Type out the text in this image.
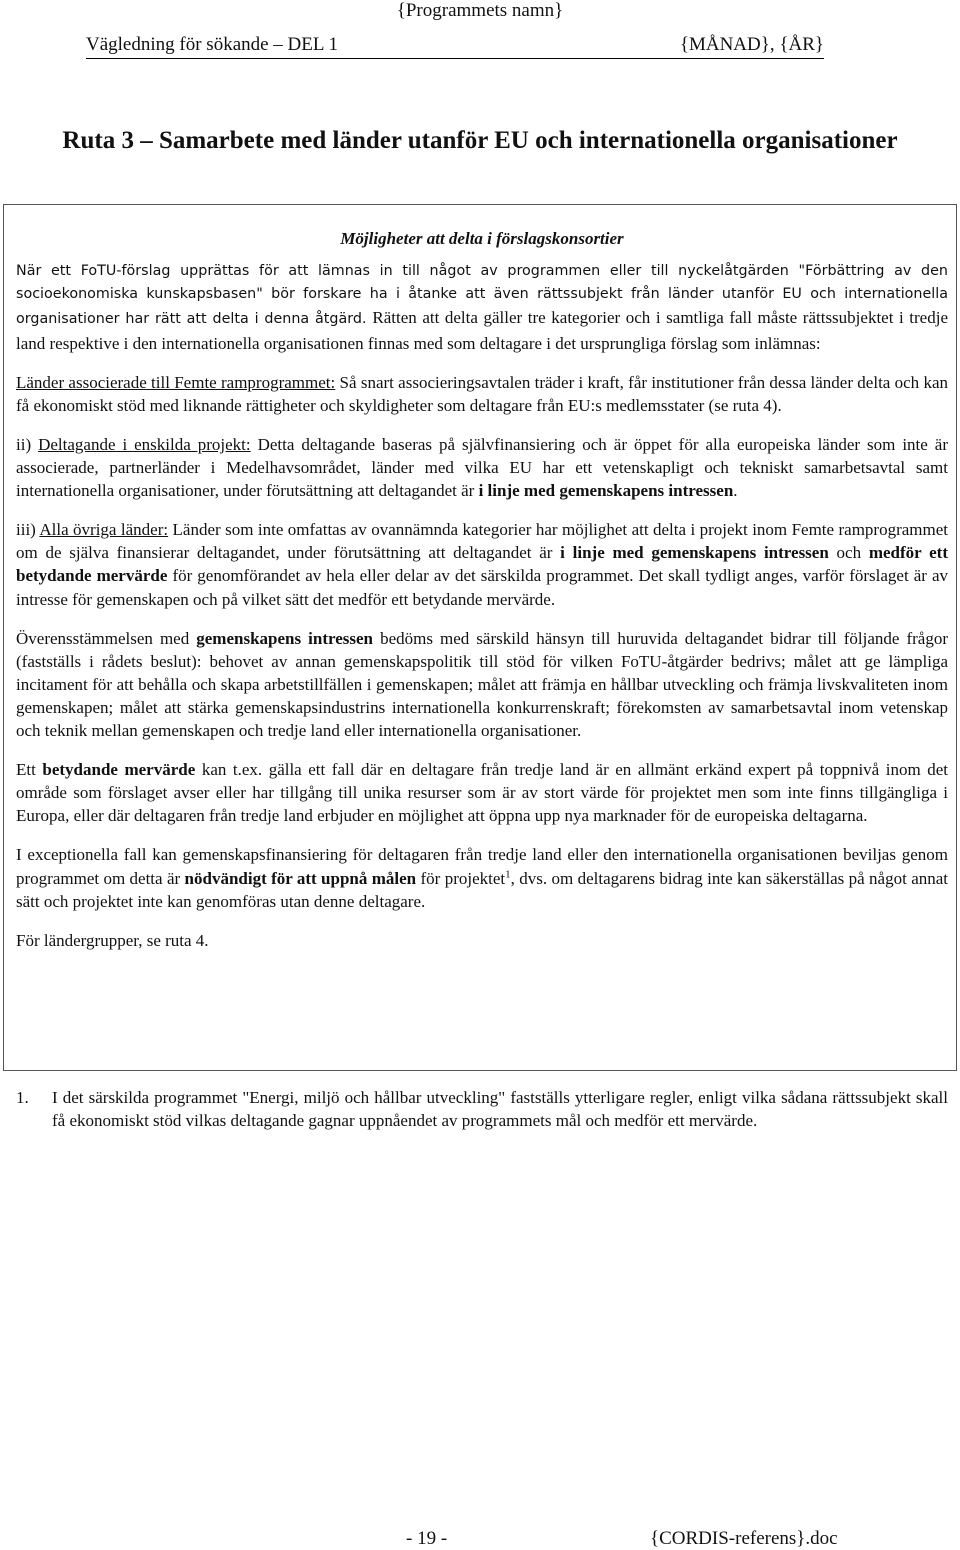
{Programmets namn}
Vägledning för sökande – DEL 1	{MÅNAD}, {ÅR}
Ruta 3 – Samarbete med länder utanför EU och internationella organisationer
Möjligheter att delta i förslagskonsortier

När ett FoTU-förslag upprättas för att lämnas in till något av programmen eller till nyckelåtgärden "Förbättring av den socioekonomiska kunskapsbasen" bör forskare ha i åtanke att även rättssubjekt från länder utanför EU och internationella organisationer har rätt att delta i denna åtgärd. Rätten att delta gäller tre kategorier och i samtliga fall måste rättssubjektet i tredje land respektive i den internationella organisationen finnas med som deltagare i det ursprungliga förslag som inlämnas:

Länder associerade till Femte ramprogrammet: Så snart associeringsavtalen träder i kraft, får institutioner från dessa länder delta och kan få ekonomiskt stöd med liknande rättigheter och skyldigheter som deltagare från EU:s medlemsstater (se ruta 4).

ii) Deltagande i enskilda projekt: Detta deltagande baseras på självfinansiering och är öppet för alla europeiska länder som inte är associerade, partnerländer i Medelhavsområdet, länder med vilka EU har ett vetenskapligt och tekniskt samarbetsavtal samt internationella organisationer, under förutsättning att deltagandet är i linje med gemenskapens intressen.

iii) Alla övriga länder: Länder som inte omfattas av ovannämnda kategorier har möjlighet att delta i projekt inom Femte ramprogrammet om de själva finansierar deltagandet, under förutsättning att deltagandet är i linje med gemenskapens intressen och medför ett betydande mervärde för genomförandet av hela eller delar av det särskilda programmet. Det skall tydligt anges, varför förslaget är av intresse för gemenskapen och på vilket sätt det medför ett betydande mervärde.

Överensstämmelsen med gemenskapens intressen bedöms med särskild hänsyn till huruvida deltagandet bidrar till följande frågor (fastställs i rådets beslut): behovet av annan gemenskapspolitik till stöd för vilken FoTU-åtgärder bedrivs; målet att ge lämpliga incitament för att behålla och skapa arbetstillfällen i gemenskapen; målet att främja en hållbar utveckling och främja livskvaliteten inom gemenskapen; målet att stärka gemenskapsindustrins internationella konkurrenskraft; förekomsten av samarbetsavtal inom vetenskap och teknik mellan gemenskapen och tredje land eller internationella organisationer.

Ett betydande mervärde kan t.ex. gälla ett fall där en deltagare från tredje land är en allmänt erkänd expert på toppnivå inom det område som förslaget avser eller har tillgång till unika resurser som är av stort värde för projektet men som inte finns tillgängliga i Europa, eller där deltagaren från tredje land erbjuder en möjlighet att öppna upp nya marknader för de europeiska deltagarna.

I exceptionella fall kan gemenskapsfinansiering för deltagaren från tredje land eller den internationella organisationen beviljas genom programmet om detta är nödvändigt för att uppnå målen för projektet$^1$, dvs. om deltagarens bidrag inte kan säkerställas på något annat sätt och projektet inte kan genomföras utan denne deltagare.

För ländergrupper, se ruta 4.

1. I det särskilda programmet "Energi, miljö och hållbar utveckling" fastställs ytterligare regler, enligt vilka sådana rättssubjekt skall få ekonomiskt stöd vilkas deltagande gagnar uppnåendet av programmets mål och medför ett mervärde.
- 19 -	{CORDIS-referens}.doc
